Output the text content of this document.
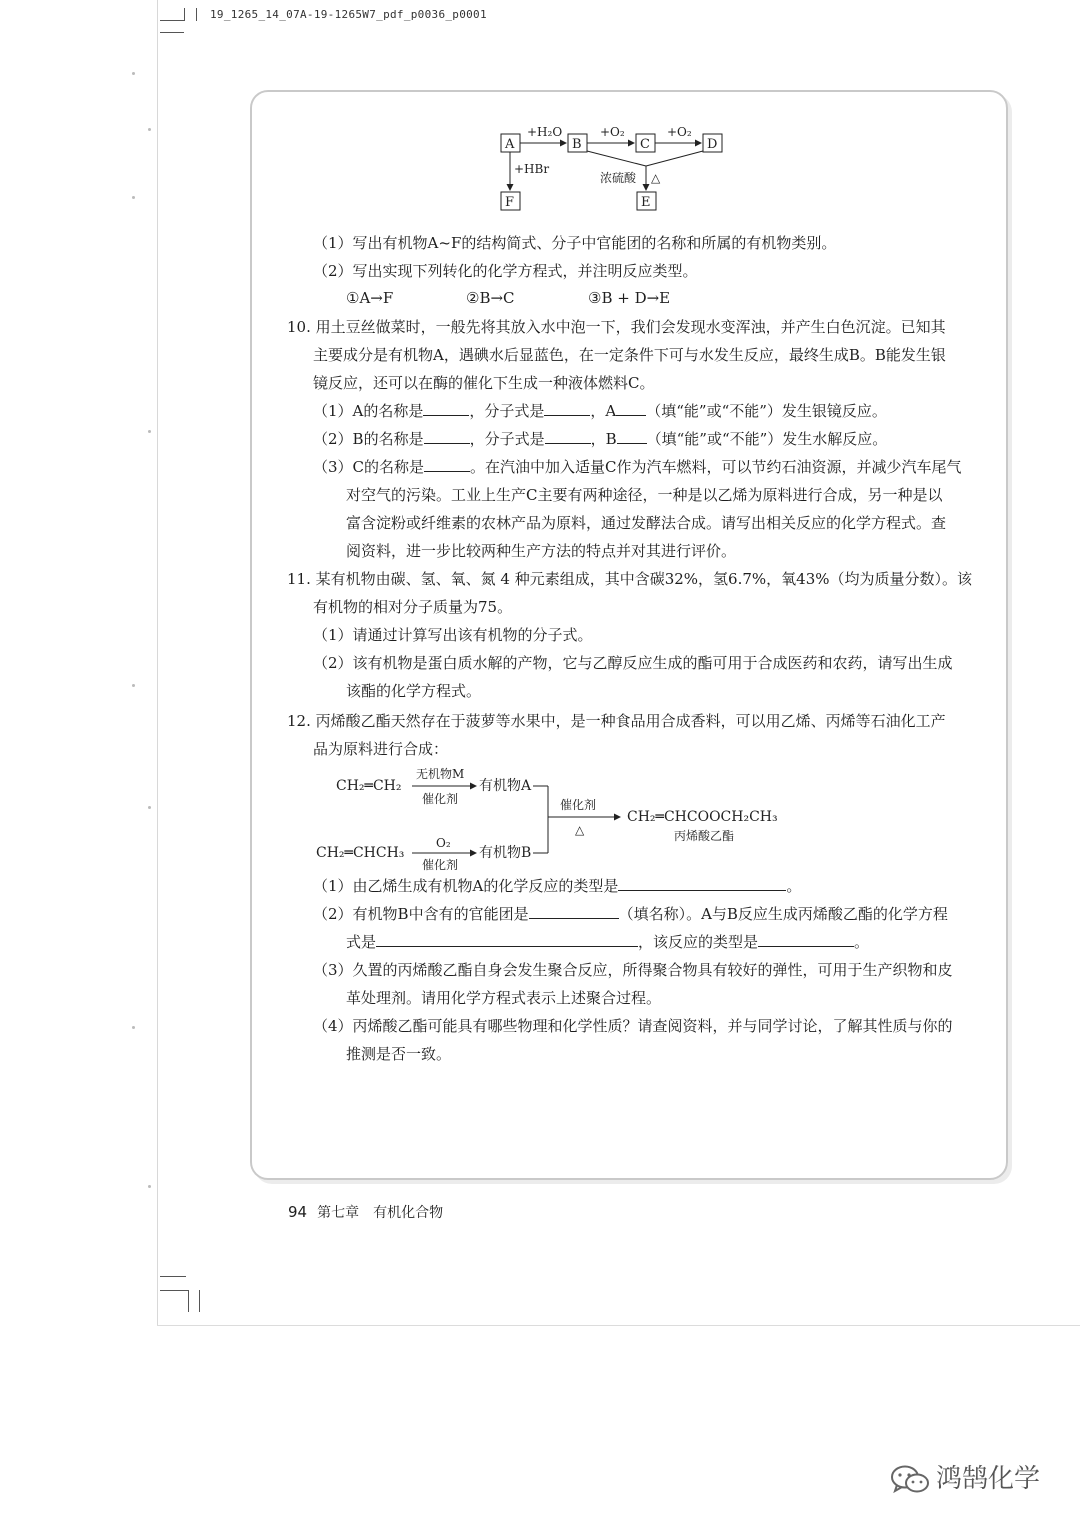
19_1265_14_07A-19-1265W7_pdf_p0036_p0001
A	B	C	D
E
F
+H₂O	+O₂	+O₂
+HBr
浓硫酸 △
（1）写出有机物A~F的结构简式、分子中官能团的名称和所属的有机物类别。
（2）写出实现下列转化的化学方程式，并注明反应类型。
①A→F	②B→C	③B + D→E
10. 用土豆丝做菜时，一般先将其放入水中泡一下，我们会发现水变浑浊，并产生白色沉淀。已知其
主要成分是有机物A，遇碘水后显蓝色，在一定条件下可与水发生反应，最终生成B。B能发生银
镜反应，还可以在酶的催化下生成一种液体燃料C。
（1）A的名称是	，分子式是	，A （填“能”或“不能”）发生银镜反应。
（2）B的名称是	，分子式是	，B （填“能”或“不能”）发生水解反应。
（3）C的名称是	。在汽油中加入适量C作为汽车燃料，可以节约石油资源，并减少汽车尾气
对空气的污染。工业上生产C主要有两种途径，一种是以乙烯为原料进行合成，另一种是以
富含淀粉或纤维素的农林产品为原料，通过发酵法合成。请写出相关反应的化学方程式。查
阅资料，进一步比较两种生产方法的特点并对其进行评价。
11. 某有机物由碳、氢、氧、氮 4 种元素组成，其中含碳32%，氢6.7%，氧43%（均为质量分数）。该
有机物的相对分子质量为75。
（1）请通过计算写出该有机物的分子式。
（2）该有机物是蛋白质水解的产物，它与乙醇反应生成的酯可用于合成医药和农药，请写出生成
该酯的化学方程式。
12. 丙烯酸乙酯天然存在于菠萝等水果中，是一种食品用合成香料，可以用乙烯、丙烯等石油化工产
品为原料进行合成：
CH₂═CH₂	有机物A
CH₂═CHCH₃	有机物B
CH₂═CHCOOCH₂CH₃
无机物M
催化剂
O₂
催化剂
催化剂
△	丙烯酸乙酯
（1）由乙烯生成有机物A的化学反应的类型是	。
（2）有机物B中含有的官能团是	（填名称）。A与B反应生成丙烯酸乙酯的化学方程
式是	，该反应的类型是	。
（3）久置的丙烯酸乙酯自身会发生聚合反应，所得聚合物具有较好的弹性，可用于生产织物和皮
革处理剂。请用化学方程式表示上述聚合过程。
（4）丙烯酸乙酯可能具有哪些物理和化学性质？请查阅资料，并与同学讨论，了解其性质与你的
推测是否一致。
94 第七章 有机化合物
鸿鹄化学
